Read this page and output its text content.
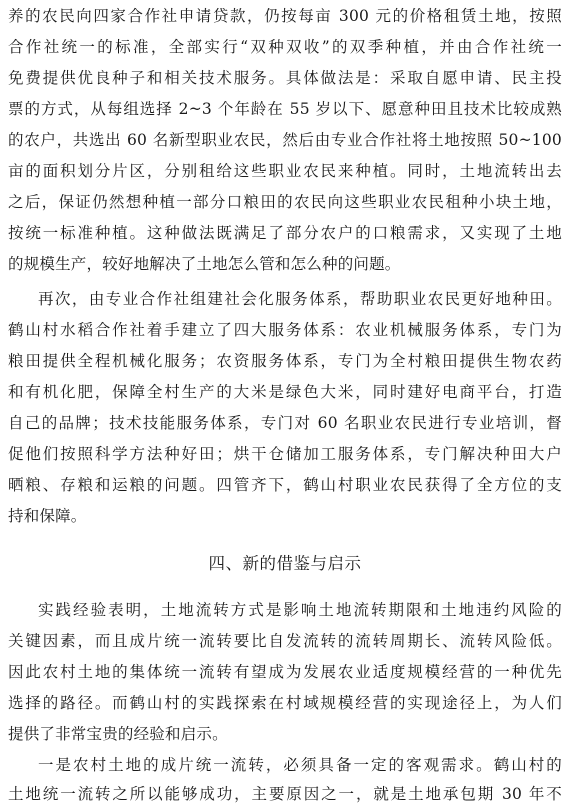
养的农民向四家合作社申请贷款，仍按每亩 300 元的价格租赁土地，按照
合作社统一的标准，全部实行“双种双收”的双季种植，并由合作社统一
免费提供优良种子和相关技术服务。具体做法是：采取自愿申请、民主投
票的方式，从每组选择 2~3 个年龄在 55 岁以下、愿意种田且技术比较成熟
的农户，共选出 60 名新型职业农民，然后由专业合作社将土地按照 50~100
亩的面积划分片区，分别租给这些职业农民来种植。同时，土地流转出去
之后，保证仍然想种植一部分口粮田的农民向这些职业农民租种小块土地，
按统一标准种植。这种做法既满足了部分农户的口粮需求，又实现了土地
的规模生产，较好地解决了土地怎么管和怎么种的问题。
再次，由专业合作社组建社会化服务体系，帮助职业农民更好地种田。
鹤山村水稻合作社着手建立了四大服务体系：农业机械服务体系，专门为
粮田提供全程机械化服务；农资服务体系，专门为全村粮田提供生物农药
和有机化肥，保障全村生产的大米是绿色大米，同时建好电商平台，打造
自己的品牌；技术技能服务体系，专门对 60 名职业农民进行专业培训，督
促他们按照科学方法种好田；烘干仓储加工服务体系，专门解决种田大户
晒粮、存粮和运粮的问题。四管齐下，鹤山村职业农民获得了全方位的支
持和保障。
四、新的借鉴与启示
实践经验表明，土地流转方式是影响土地流转期限和土地违约风险的
关键因素，而且成片统一流转要比自发流转的流转周期长、流转风险低。
因此农村土地的集体统一流转有望成为发展农业适度规模经营的一种优先
选择的路径。而鹤山村的实践探索在村域规模经营的实现途径上，为人们
提供了非常宝贵的经验和启示。
一是农村土地的成片统一流转，必须具备一定的客观需求。鹤山村的
土地统一流转之所以能够成功，主要原因之一，就是土地承包期 30 年不
